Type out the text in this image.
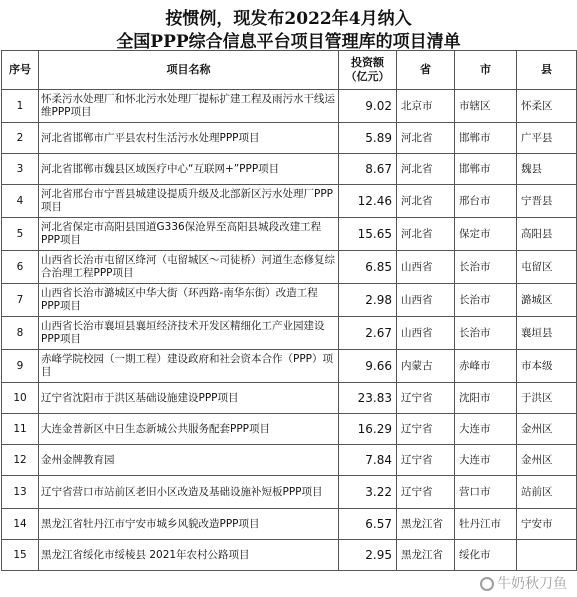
按惯例，现发布2022年4月纳入
全国PPP综合信息平台项目管理库的项目清单
序号	项目名称	投资额（亿元）	省	市	县
1	怀柔污水处理厂和怀北污水处理厂提标扩建工程及雨污水干线运维PPP项目	9.02	北京市	市辖区	怀柔区
2	河北省邯郸市广平县农村生活污水处理PPP项目	5.89	河北省	邯郸市	广平县
3	河北省邯郸市魏县区域医疗中心“互联网+”PPP项目	8.67	河北省	邯郸市	魏县
4	河北省邢台市宁晋县城建设提质升级及北部新区污水处理厂PPP项目	12.46	河北省	邢台市	宁晋县
5	河北省保定市高阳县国道G336保沧界至高阳县城段改建工程PPP项目	15.65	河北省	保定市	高阳县
6	山西省长治市屯留区绛河（屯留城区～司徒桥）河道生态修复综合治理工程PPP项目	6.85	山西省	长治市	屯留区
7	山西省长治市潞城区中华大街（环西路-南华东街）改造工程PPP项目	2.98	山西省	长治市	潞城区
8	山西省长治市襄垣县襄垣经济技术开发区精细化工产业园建设PPP项目	2.67	山西省	长治市	襄垣县
9	赤峰学院校园（一期工程）建设政府和社会资本合作（PPP）项目	9.66	内蒙古	赤峰市	市本级
10	辽宁省沈阳市于洪区基础设施建设PPP项目	23.83	辽宁省	沈阳市	于洪区
11	大连金普新区中日生态新城公共服务配套PPP项目	16.29	辽宁省	大连市	金州区
12	金州金牌教育园	7.84	辽宁省	大连市	金州区
13	辽宁省营口市站前区老旧小区改造及基础设施补短板PPP项目	3.22	辽宁省	营口市	站前区
14	黑龙江省牡丹江市宁安市城乡风貌改造PPP项目	6.57	黑龙江省	牡丹江市	宁安市
15	黑龙江省绥化市绥棱县 2021年农村公路项目	2.95	黑龙江省	绥化市	
牛奶秋刀鱼
